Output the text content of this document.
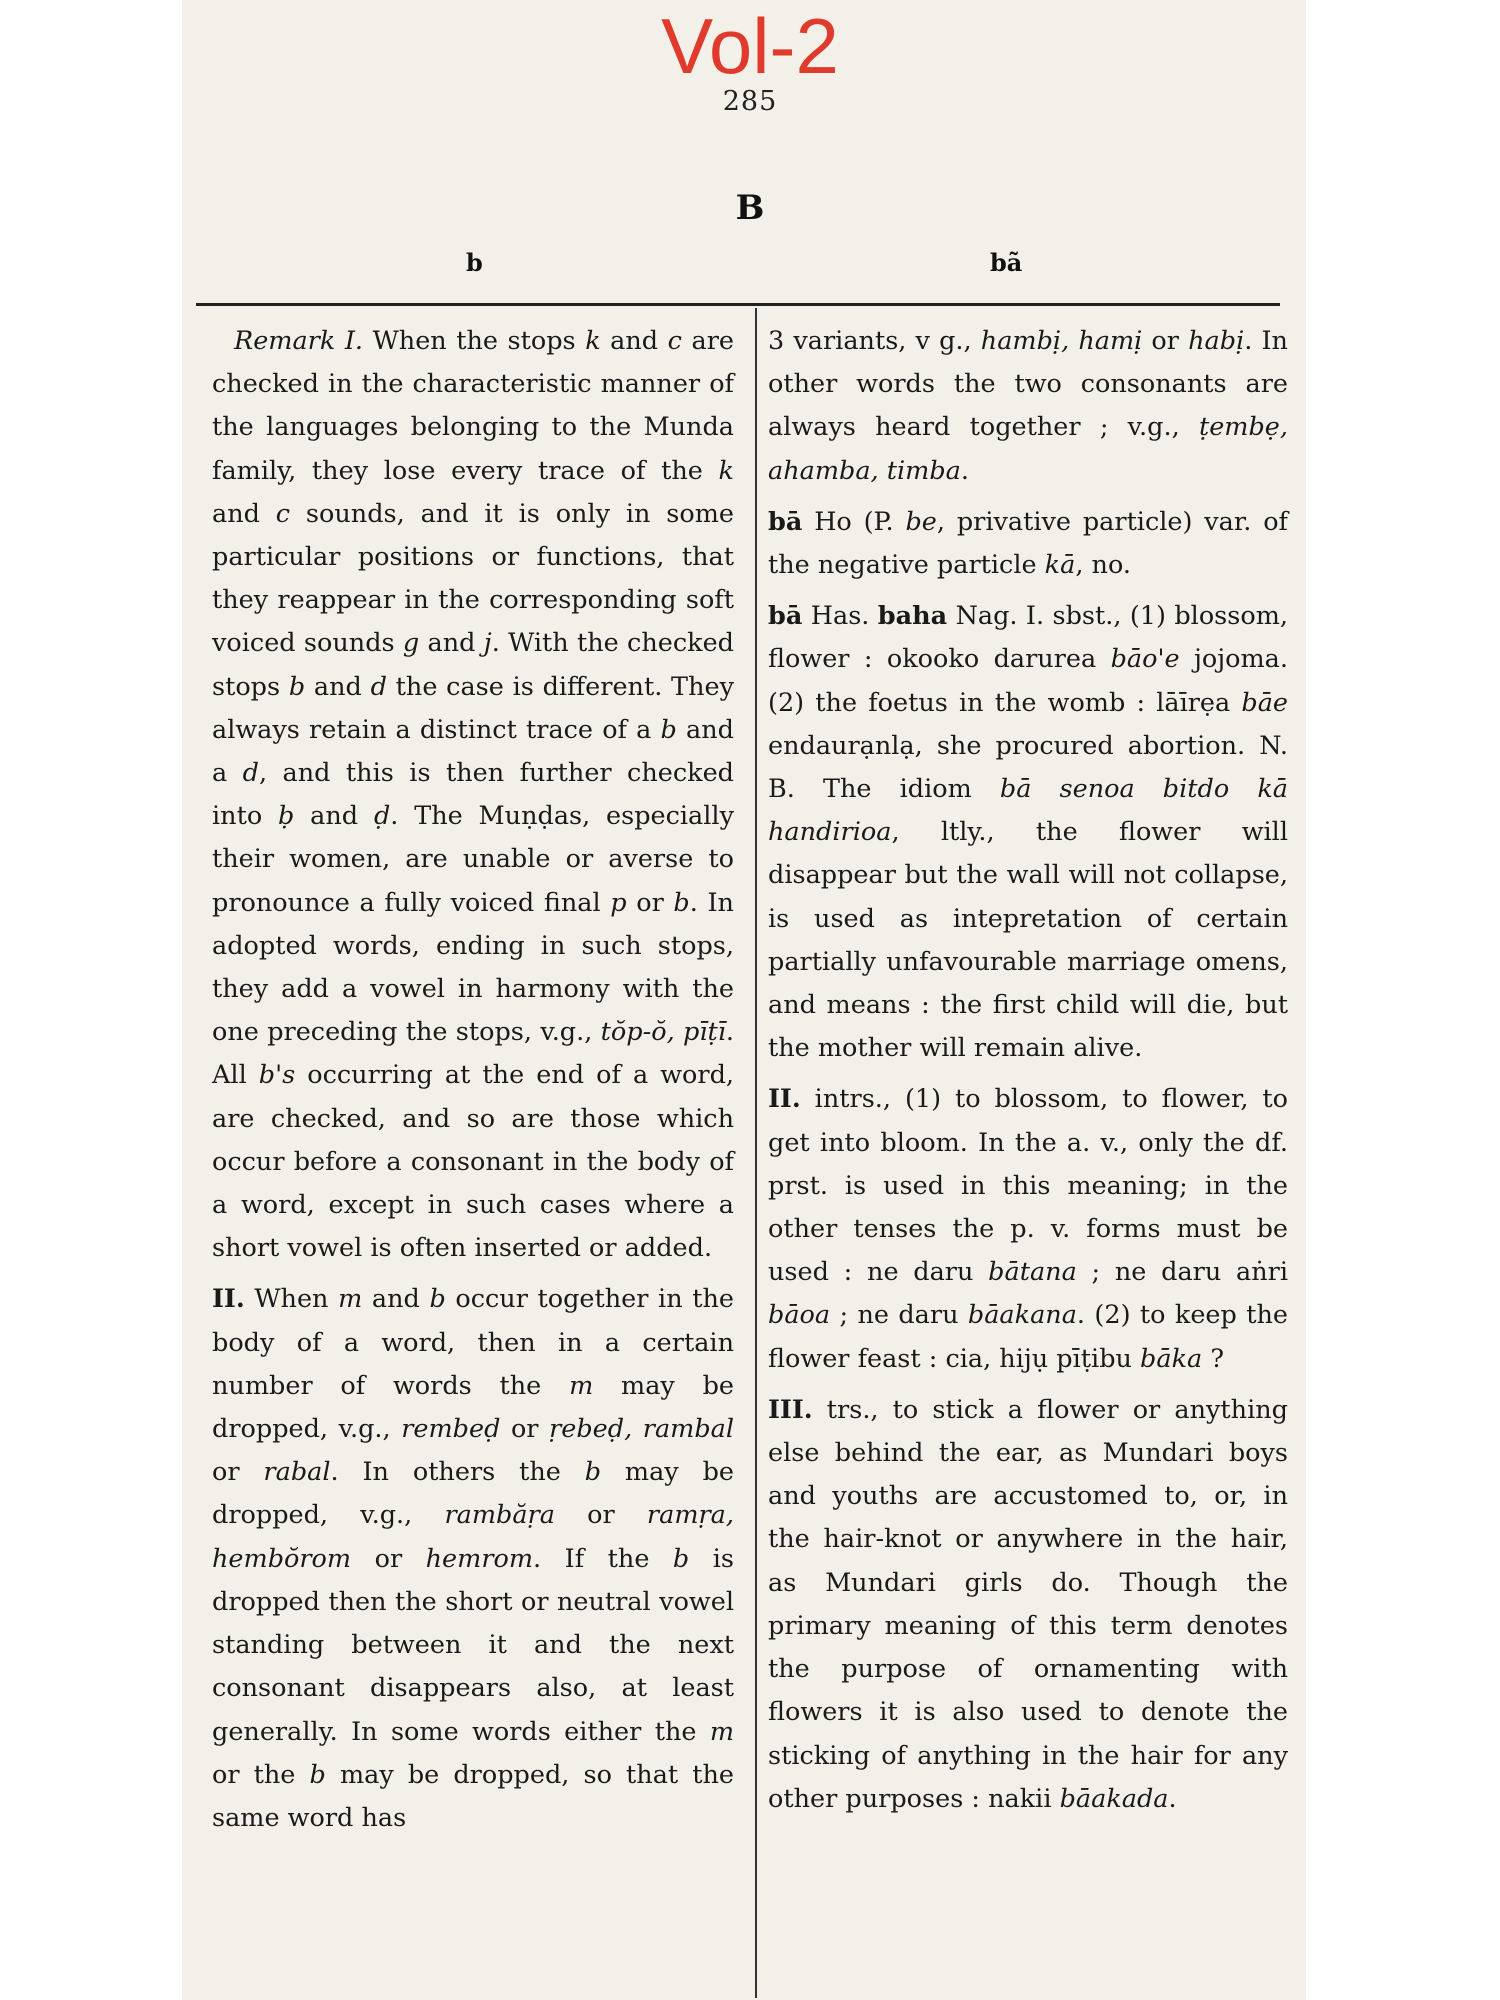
Vol-2
285
B
b	bã

Remark I. When the stops k and c are checked in the characteristic manner of the languages belonging to the Munda family, they lose every trace of the k and c sounds, and it is only in some particular positions or functions, that they reappear in the corresponding soft voiced sounds g and j. With the checked stops b and d the case is different. They always retain a distinct trace of a b and a d, and this is then further checked into ḅ and ḍ. The Muṇḍas, especially their women, are unable or averse to pronounce a fully voiced final p or b. In adopted words, ending in such stops, they add a vowel in harmony with the one preceding the stops, v.g., tŏp-ŏ, pīṭī. All b's occurring at the end of a word, are checked, and so are those which occur before a consonant in the body of a word, except in such cases where a short vowel is often inserted or added.

II. When m and b occur together in the body of a word, then in a certain number of words the m may be dropped, v.g., rembeḍ or ṛebeḍ, rambal or rabal. In others the b may be dropped, v.g., rambăṛa or ramṛa, hembŏrom or hemrom. If the b is dropped then the short or neutral vowel standing between it and the next consonant disappears also, at least generally. In some words either the m or the b may be dropped, so that the same word has

3 variants, v g., hambị, hamị or habị. In other words the two consonants are always heard together ; v.g., ṭembẹ, ahamba, timba.

bā Ho (P. be, privative particle) var. of the negative particle kā, no.

bā Has. baha Nag. I. sbst., (1) blossom, flower : okooko darurea bāo'e jojoma. (2) the foetus in the womb : lāīrẹa bāe endaurạnlạ, she procured abortion. N. B. The idiom bā senoa bitdo kā handirioa, ltly., the flower will disappear but the wall will not collapse, is used as intepretation of certain partially unfavourable marriage omens, and means : the first child will die, but the mother will remain alive.

II. intrs., (1) to blossom, to flower, to get into bloom. In the a. v., only the df. prst. is used in this meaning; in the other tenses the p. v. forms must be used : ne daru bātana ; ne daru aṅri bāoa ; ne daru bāakana. (2) to keep the flower feast : cia, hijụ pīṭibu bāka ?

III. trs., to stick a flower or anything else behind the ear, as Mundari boys and youths are accustomed to, or, in the hair-knot or anywhere in the hair, as Mundari girls do. Though the primary meaning of this term denotes the purpose of ornamenting with flowers it is also used to denote the sticking of anything in the hair for any other purposes : nakii bāakada.
